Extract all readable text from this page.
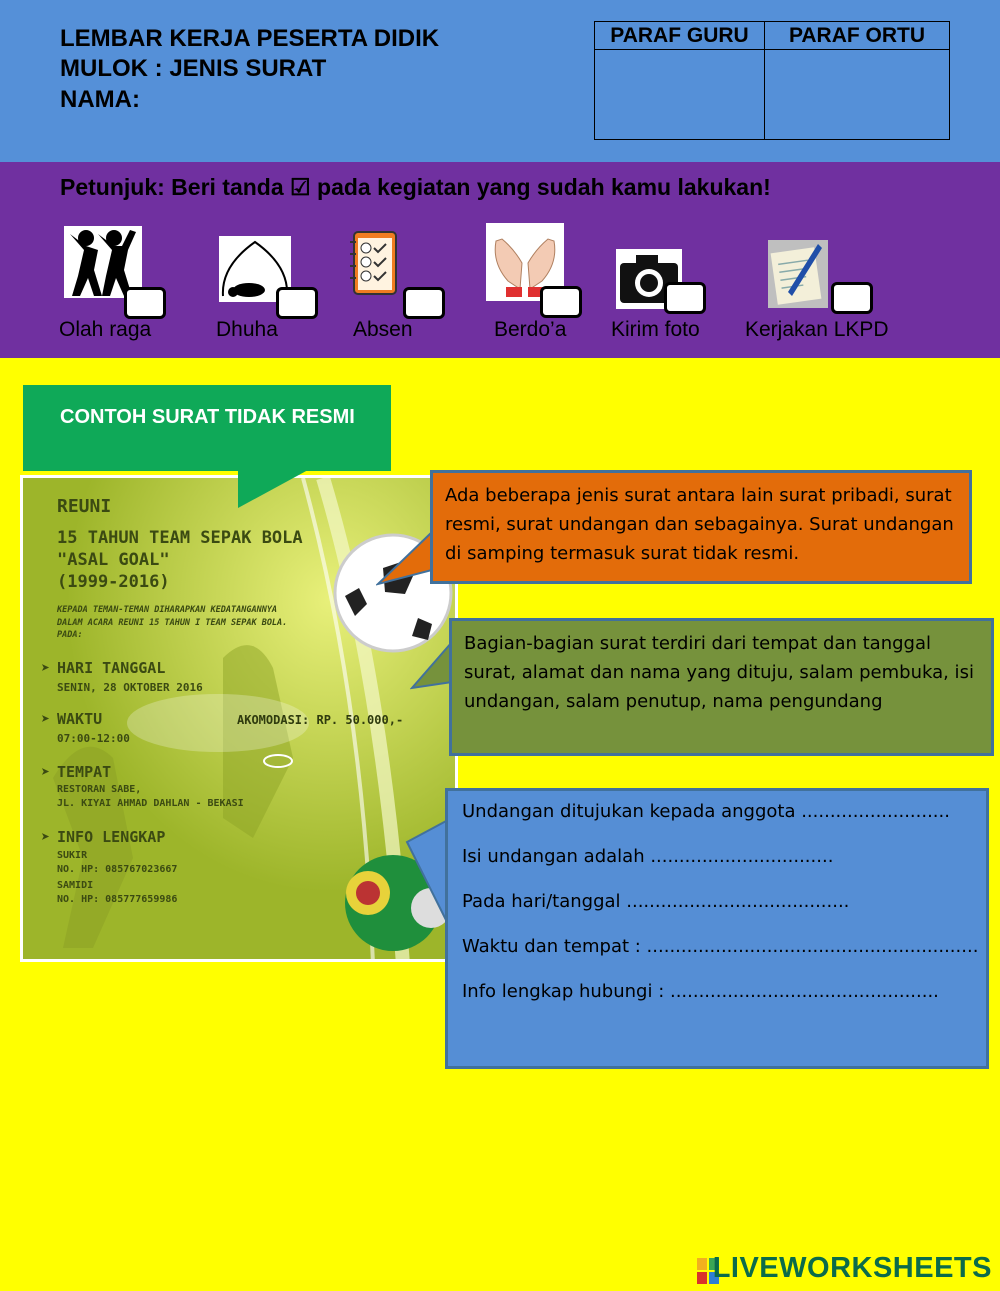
LEMBAR KERJA PESERTA DIDIK
MULOK : JENIS SURAT
NAMA:
PARAF GURU	PARAF ORTU
Petunjuk: Beri tanda ☑ pada kegiatan yang sudah kamu lakukan!
Olah raga	Dhuha	Absen	Berdo’a Kirim foto Kerjakan LKPD
REUNI
15 TAHUN TEAM SEPAK BOLA
"ASAL GOAL"
(1999-2016)
KEPADA TEMAN-TEMAN DIHARAPKAN KEDATANGANNYA
DALAM ACARA REUNI 15 TAHUN I TEAM SEPAK BOLA.
PADA:
➤ HARI TANGGAL
SENIN, 28 OKTOBER 2016
➤ WAKTU
07:00-12:00
AKOMODASI: RP. 50.000,-
➤ TEMPAT
RESTORAN SABE,
JL. KIYAI AHMAD DAHLAN - BEKASI
➤ INFO LENGKAP
SUKIR
NO. HP: 085767023667
SAMIDI
NO. HP: 085777659986
CONTOH SURAT TIDAK RESMI
Ada beberapa jenis surat antara lain surat pribadi, surat resmi, surat undangan dan sebagainya. Surat undangan di samping termasuk surat tidak resmi.
Bagian-bagian surat terdiri dari tempat dan tanggal surat, alamat dan nama yang dituju, salam pembuka, isi undangan, salam penutup, nama pengundang
Undangan ditujukan kepada anggota ..........................
Isi undangan adalah ................................
Pada hari/tanggal .......................................
Waktu dan tempat : ..........................................................
Info lengkap hubungi : ...............................................
LIVEWORKSHEETS
